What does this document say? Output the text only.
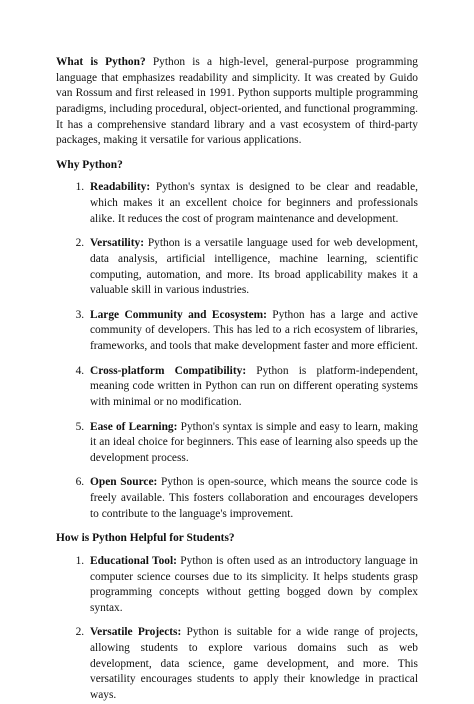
What is Python? Python is a high-level, general-purpose programming language that emphasizes readability and simplicity. It was created by Guido van Rossum and first released in 1991. Python supports multiple programming paradigms, including procedural, object-oriented, and functional programming. It has a comprehensive standard library and a vast ecosystem of third-party packages, making it versatile for various applications.

Why Python?

1. Readability: Python's syntax is designed to be clear and readable, which makes it an excellent choice for beginners and professionals alike. It reduces the cost of program maintenance and development.
2. Versatility: Python is a versatile language used for web development, data analysis, artificial intelligence, machine learning, scientific computing, automation, and more. Its broad applicability makes it a valuable skill in various industries.
3. Large Community and Ecosystem: Python has a large and active community of developers. This has led to a rich ecosystem of libraries, frameworks, and tools that make development faster and more efficient.
4. Cross-platform Compatibility: Python is platform-independent, meaning code written in Python can run on different operating systems with minimal or no modification.
5. Ease of Learning: Python's syntax is simple and easy to learn, making it an ideal choice for beginners. This ease of learning also speeds up the development process.
6. Open Source: Python is open-source, which means the source code is freely available. This fosters collaboration and encourages developers to contribute to the language's improvement.

How is Python Helpful for Students?

1. Educational Tool: Python is often used as an introductory language in computer science courses due to its simplicity. It helps students grasp programming concepts without getting bogged down by complex syntax.
2. Versatile Projects: Python is suitable for a wide range of projects, allowing students to explore various domains such as web development, data science, game development, and more. This versatility encourages students to apply their knowledge in practical ways.
